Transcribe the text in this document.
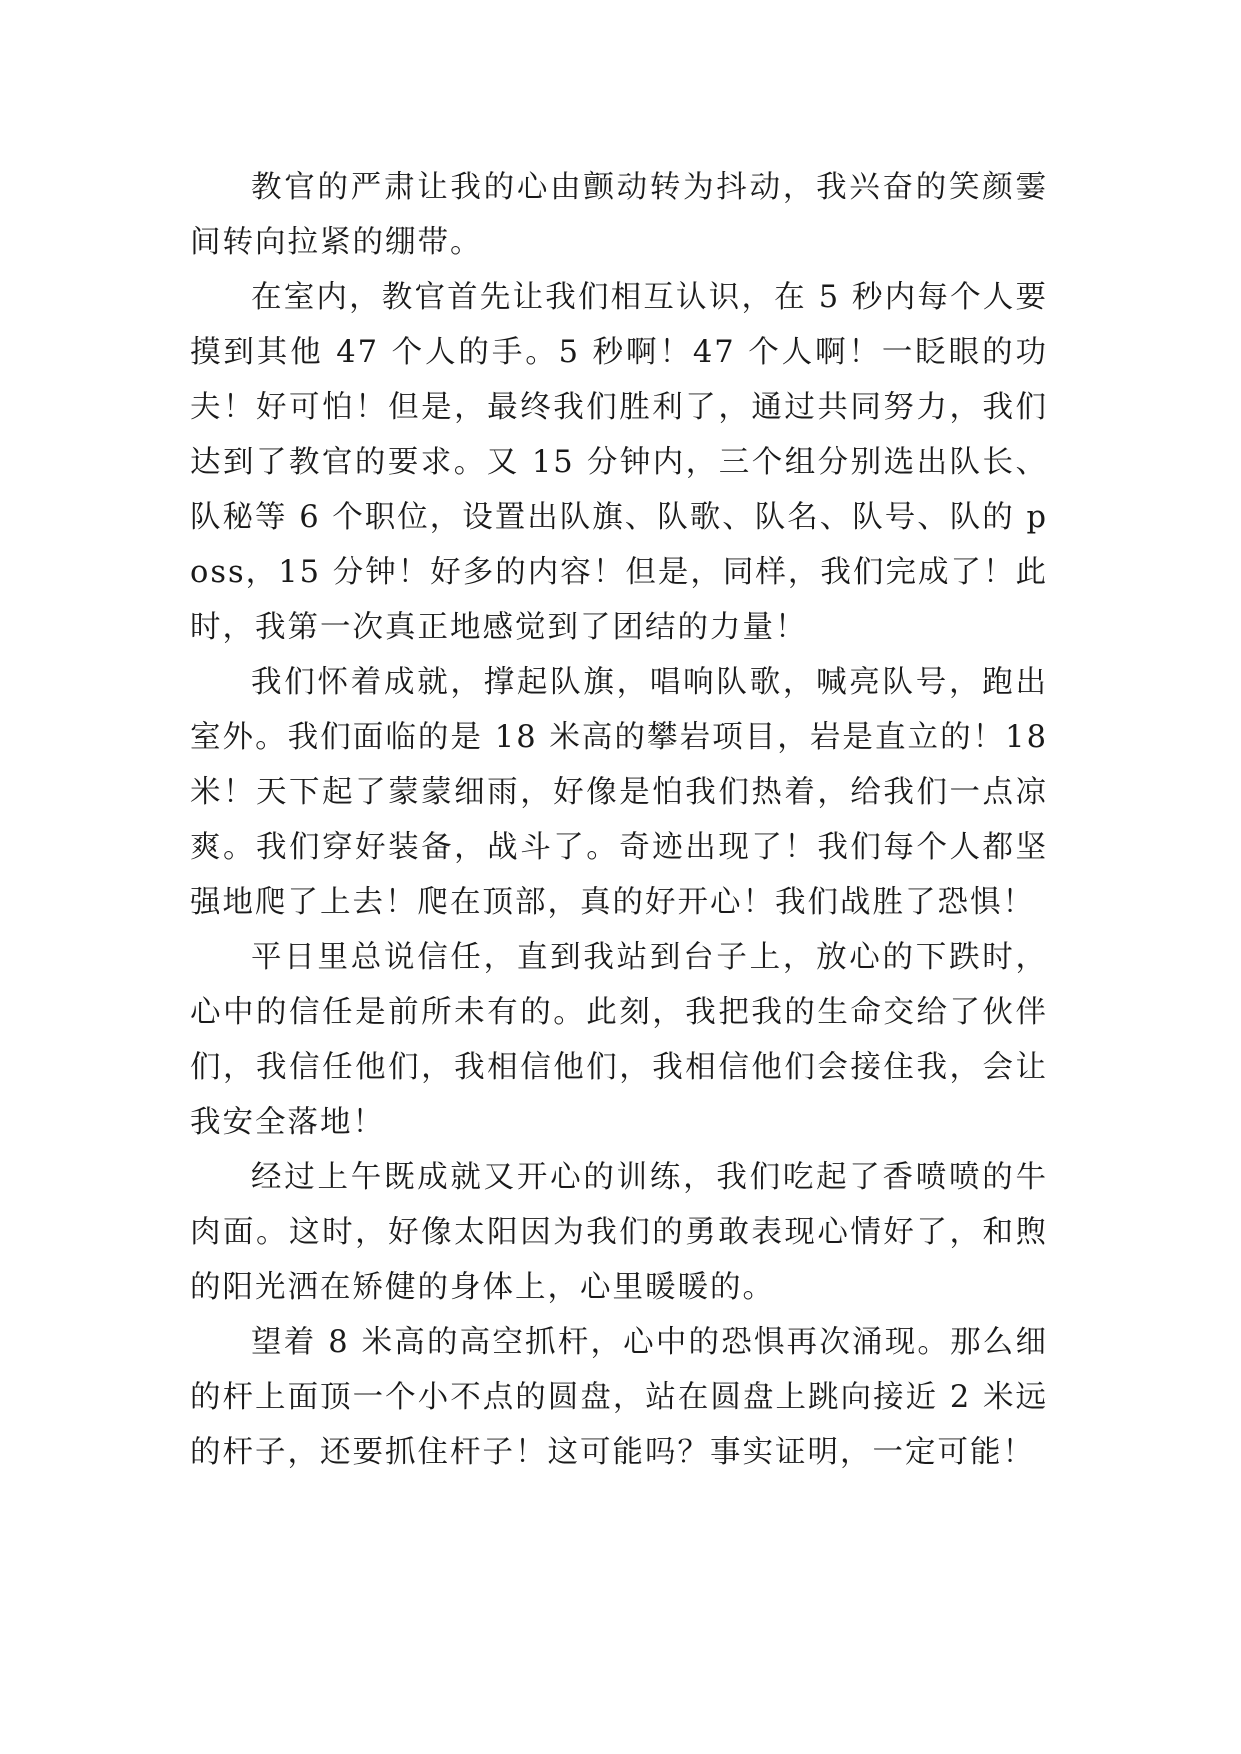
教官的严肃让我的心由颤动转为抖动，我兴奋的笑颜霎间转向拉紧的绷带。

在室内，教官首先让我们相互认识，在 5 秒内每个人要摸到其他 47 个人的手。5 秒啊！47 个人啊！一眨眼的功夫！好可怕！但是，最终我们胜利了，通过共同努力，我们达到了教官的要求。又 15 分钟内，三个组分别选出队长、队秘等 6 个职位，设置出队旗、队歌、队名、队号、队的 poss，15 分钟！好多的内容！但是，同样，我们完成了！此时，我第一次真正地感觉到了团结的力量！

我们怀着成就，撑起队旗，唱响队歌，喊亮队号，跑出室外。我们面临的是 18 米高的攀岩项目，岩是直立的！18 米！天下起了蒙蒙细雨，好像是怕我们热着，给我们一点凉爽。我们穿好装备，战斗了。奇迹出现了！我们每个人都坚强地爬了上去！爬在顶部，真的好开心！我们战胜了恐惧！

平日里总说信任，直到我站到台子上，放心的下跌时，心中的信任是前所未有的。此刻，我把我的生命交给了伙伴们，我信任他们，我相信他们，我相信他们会接住我，会让我安全落地！

经过上午既成就又开心的训练，我们吃起了香喷喷的牛肉面。这时，好像太阳因为我们的勇敢表现心情好了，和煦的阳光洒在矫健的身体上，心里暖暖的。

望着 8 米高的高空抓杆，心中的恐惧再次涌现。那么细的杆上面顶一个小不点的圆盘，站在圆盘上跳向接近 2 米远的杆子，还要抓住杆子！这可能吗？事实证明，一定可能！
